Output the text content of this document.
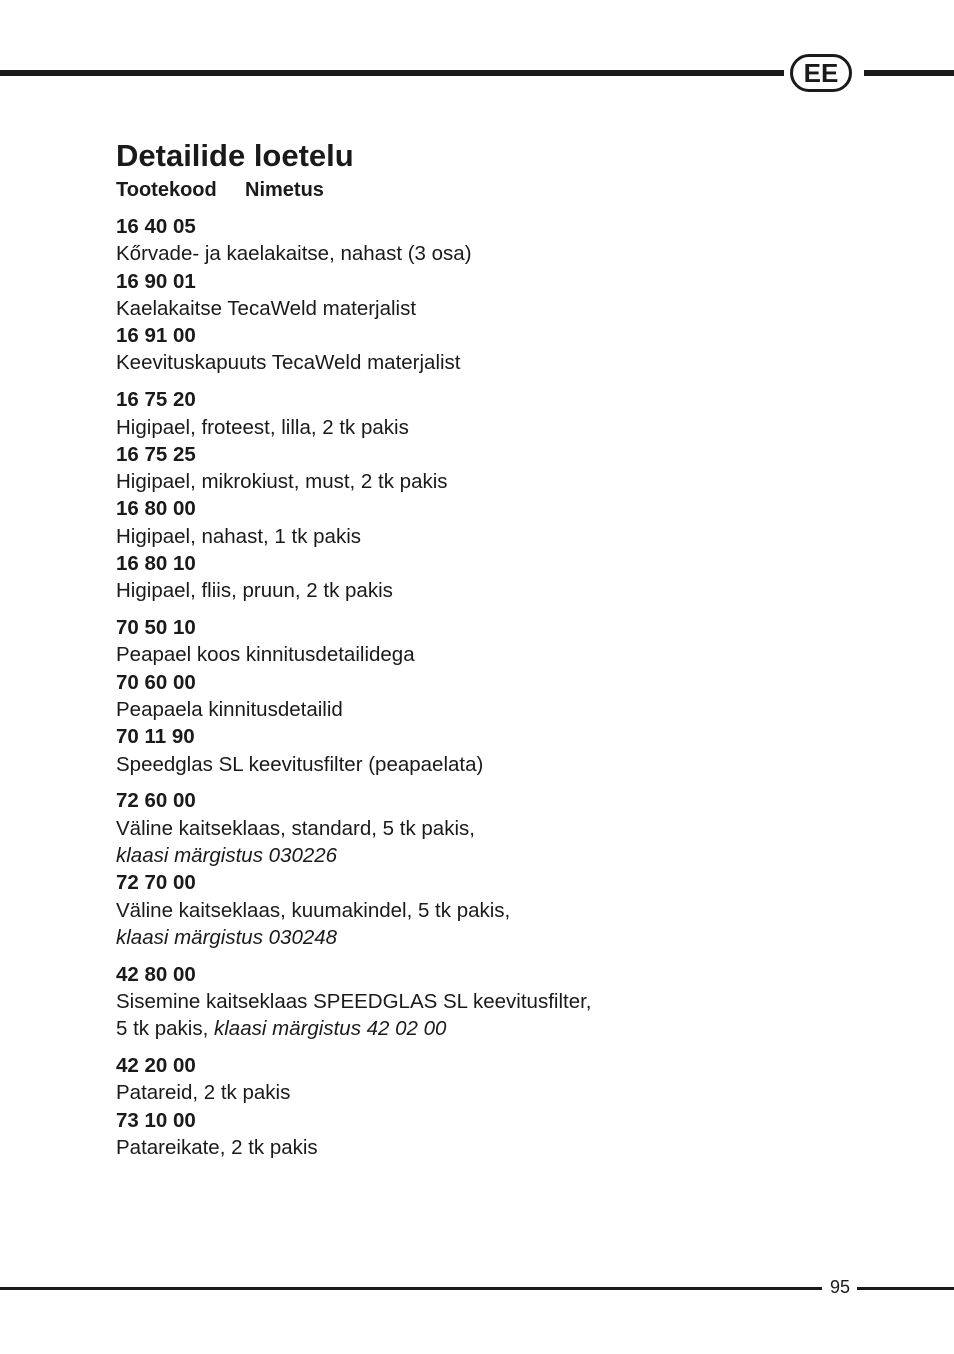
EE
Detailide loetelu
Tootekood Nimetus
16 40 05
Kőrvade- ja kaelakaitse, nahast (3 osa)
16 90 01
Kaelakaitse TecaWeld materjalist
16 91 00
Keevituskapuuts TecaWeld materjalist
16 75 20
Higipael, froteest, lilla, 2 tk pakis
16 75 25
Higipael, mikrokiust, must, 2 tk pakis
16 80 00
Higipael, nahast, 1 tk pakis
16 80 10
Higipael, fliis, pruun, 2 tk pakis
70 50 10
Peapael koos kinnitusdetailidega
70 60 00
Peapaela kinnitusdetailid
70 11 90
Speedglas SL keevitusfilter (peapaelata)
72 60 00
Väline kaitseklaas, standard, 5 tk pakis,
klaasi märgistus 030226
72 70 00
Väline kaitseklaas, kuumakindel, 5 tk pakis,
klaasi märgistus 030248
42 80 00
Sisemine kaitseklaas SPEEDGLAS SL keevitusfilter,
5 tk pakis, klaasi märgistus 42 02 00
42 20 00
Patareid, 2 tk pakis
73 10 00
Patareikate, 2 tk pakis
95
